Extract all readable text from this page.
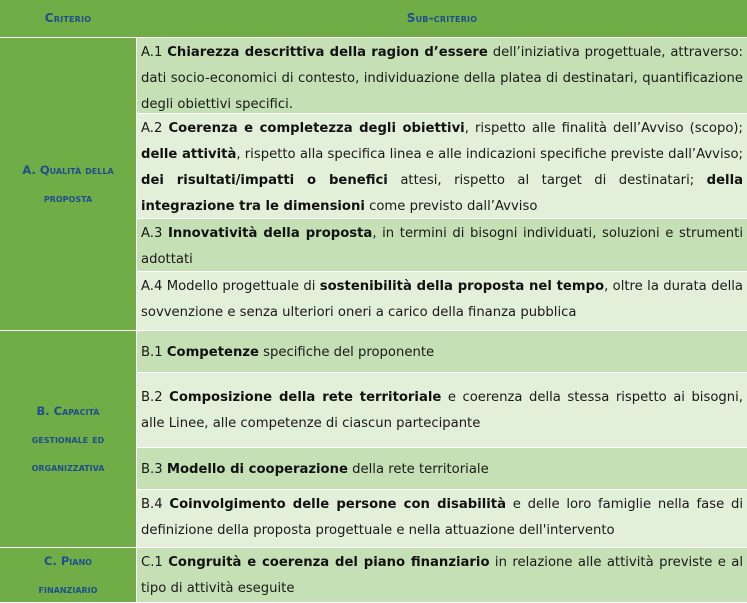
Criterio	Sub-criterio
A. Qualità della
proposta
A.1 Chiarezza descrittiva della ragion d’essere dell’iniziativa progettuale, attraverso: dati socio-economici di contesto, individuazione della platea di destinatari, quantificazione degli obiettivi specifici.
A.2 Coerenza e completezza degli obiettivi, rispetto alle finalità dell’Avviso (scopo); delle attività, rispetto alla specifica linea e alle indicazioni specifiche previste dall’Avviso; dei risultati/impatti o benefici attesi, rispetto al target di destinatari; della integrazione tra le dimensioni come previsto dall’Avviso
A.3 Innovatività della proposta, in termini di bisogni individuati, soluzioni e strumenti adottati
A.4 Modello progettuale di sostenibilità della proposta nel tempo, oltre la durata della sovvenzione e senza ulteriori oneri a carico della finanza pubblica
B. Capacità
gestionale ed
organizzativa
B.1 Competenze specifiche del proponente
B.2 Composizione della rete territoriale e coerenza della stessa rispetto ai bisogni, alle Linee, alle competenze di ciascun partecipante
B.3 Modello di cooperazione della rete territoriale
B.4 Coinvolgimento delle persone con disabilità e delle loro famiglie nella fase di definizione della proposta progettuale e nella attuazione dell'intervento
C. Piano
finanziario
C.1 Congruità e coerenza del piano finanziario in relazione alle attività previste e al tipo di attività eseguite
